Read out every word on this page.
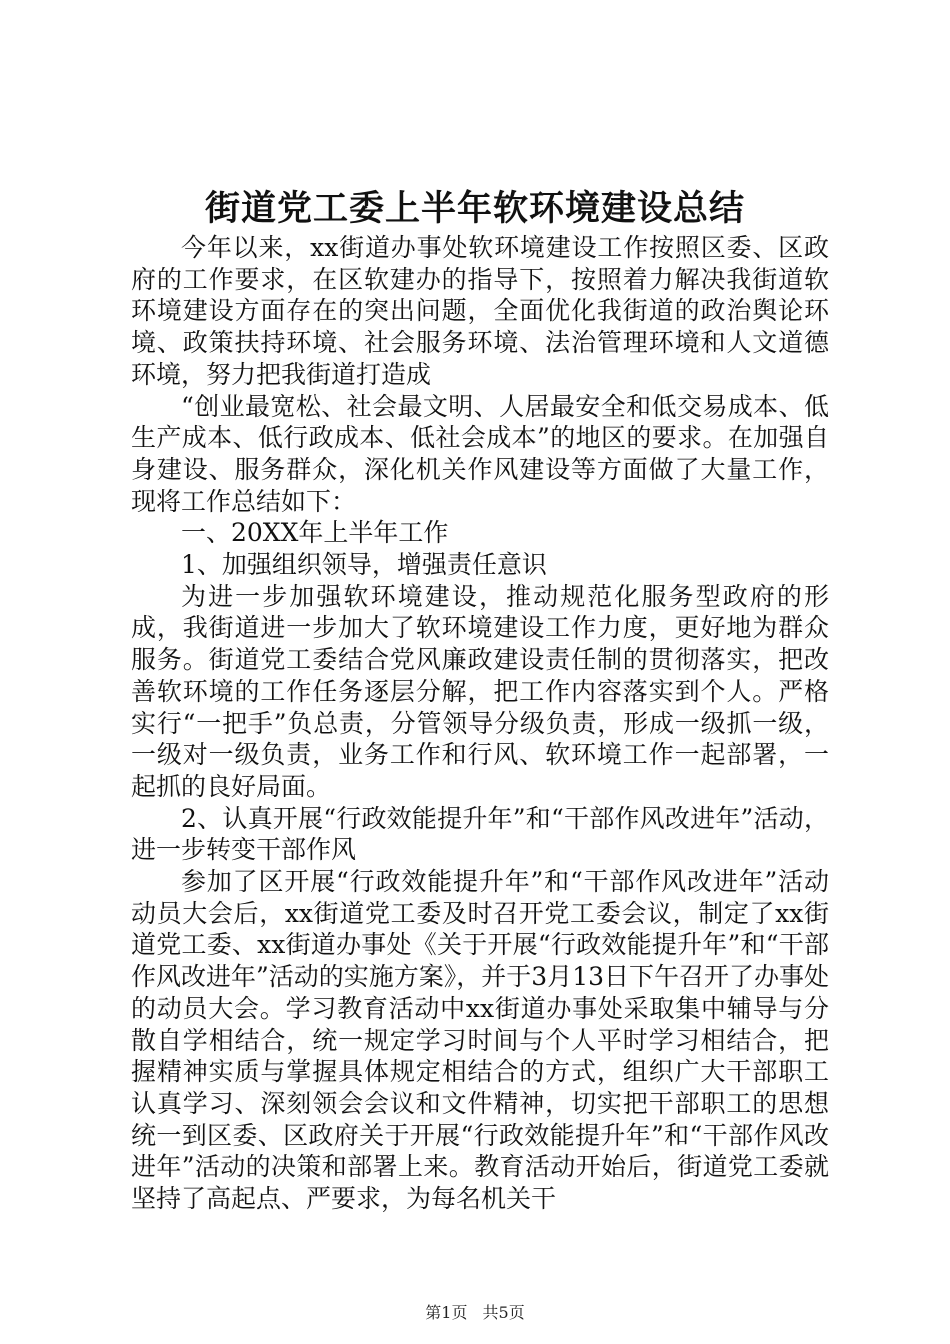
街道党工委上半年软环境建设总结

今年以来，xx街道办事处软环境建设工作按照区委、区政府的工作要求，在区软建办的指导下，按照着力解决我街道软环境建设方面存在的突出问题，全面优化我街道的政治舆论环境、政策扶持环境、社会服务环境、法治管理环境和人文道德环境，努力把我街道打造成

“创业最宽松、社会最文明、人居最安全和低交易成本、低生产成本、低行政成本、低社会成本”的地区的要求。在加强自身建设、服务群众，深化机关作风建设等方面做了大量工作，现将工作总结如下：

一、20XX年上半年工作

1、加强组织领导，增强责任意识

为进一步加强软环境建设，推动规范化服务型政府的形成，我街道进一步加大了软环境建设工作力度，更好地为群众服务。街道党工委结合党风廉政建设责任制的贯彻落实，把改善软环境的工作任务逐层分解，把工作内容落实到个人。严格实行“一把手”负总责，分管领导分级负责，形成一级抓一级，一级对一级负责，业务工作和行风、软环境工作一起部署，一起抓的良好局面。

2、认真开展“行政效能提升年”和“干部作风改进年”活动，进一步转变干部作风

参加了区开展“行政效能提升年”和“干部作风改进年”活动动员大会后，xx街道党工委及时召开党工委会议，制定了xx街道党工委、xx街道办事处《关于开展“行政效能提升年”和“干部作风改进年”活动的实施方案》，并于3月13日下午召开了办事处的动员大会。学习教育活动中xx街道办事处采取集中辅导与分散自学相结合，统一规定学习时间与个人平时学习相结合，把握精神实质与掌握具体规定相结合的方式，组织广大干部职工认真学习、深刻领会会议和文件精神，切实把干部职工的思想统一到区委、区政府关于开展“行政效能提升年”和“干部作风改进年”活动的决策和部署上来。教育活动开始后，街道党工委就坚持了高起点、严要求，为每名机关干

第1页 共5页
